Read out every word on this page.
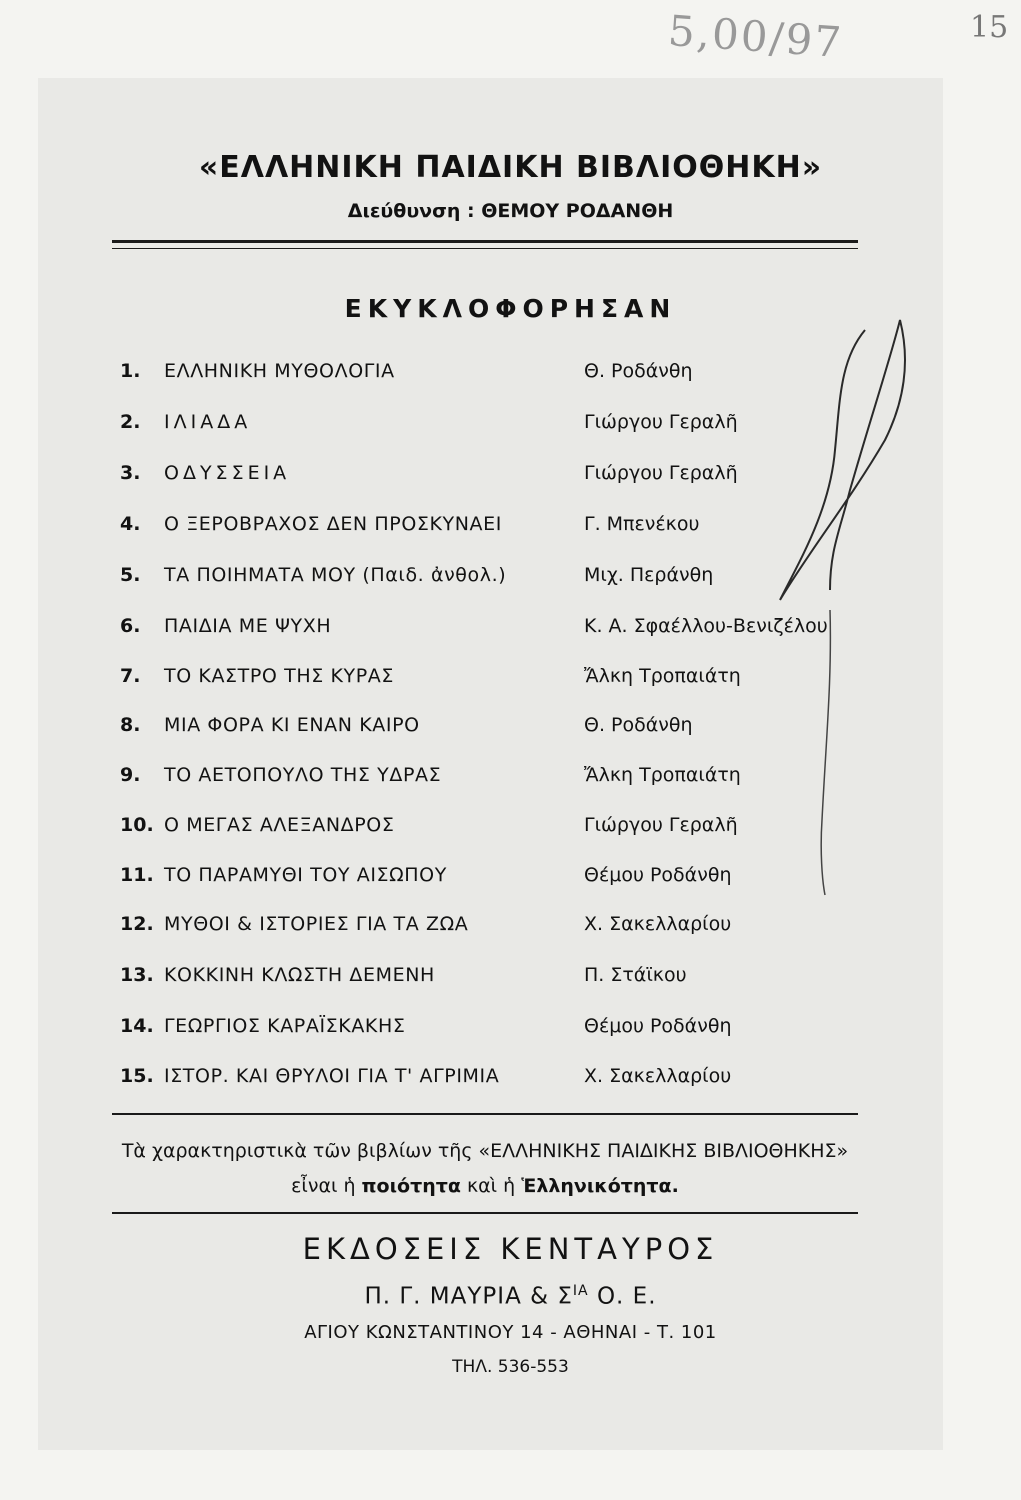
5,00/97	15
«ΕΛΛΗΝΙΚΗ ΠΑΙΔΙΚΗ ΒΙΒΛΙΟΘΗΚΗ»
Διεύθυνση : ΘΕΜΟΥ ΡΟΔΑΝΘΗ
ΕΚΥΚΛΟΦΟΡΗΣΑΝ
1.	ΕΛΛΗΝΙΚΗ ΜΥΘΟΛΟΓΙΑ	Θ. Ροδάνθη
2.	ΙΛΙΑΔΑ	Γιώργου Γεραλῆ
3.	ΟΔΥΣΣΕΙΑ	Γιώργου Γεραλῆ
4.	Ο ΞΕΡΟΒΡΑΧΟΣ ΔΕΝ ΠΡΟΣΚΥΝΑΕΙ	Γ. Μπενέκου
5.	ΤΑ ΠΟΙΗΜΑΤΑ ΜΟΥ (Παιδ. ἀνθολ.)	Μιχ. Περάνθη
6.	ΠΑΙΔΙΑ ΜΕ ΨΥΧΗ	Κ. Α. Σφαέλλου-Βενιζέλου
7.	ΤΟ ΚΑΣΤΡΟ ΤΗΣ ΚΥΡΑΣ	Ἄλκη Τροπαιάτη
8.	ΜΙΑ ΦΟΡΑ ΚΙ ΕΝΑΝ ΚΑΙΡΟ	Θ. Ροδάνθη
9.	ΤΟ ΑΕΤΟΠΟΥΛΟ ΤΗΣ ΥΔΡΑΣ	Ἄλκη Τροπαιάτη
10. Ο ΜΕΓΑΣ ΑΛΕΞΑΝΔΡΟΣ	Γιώργου Γεραλῆ
11. ΤΟ ΠΑΡΑΜΥΘΙ ΤΟΥ ΑΙΣΩΠΟΥ	Θέμου Ροδάνθη
12. ΜΥΘΟΙ & ΙΣΤΟΡΙΕΣ ΓΙΑ ΤΑ ΖΩΑ	Χ. Σακελλαρίου
13. ΚΟΚΚΙΝΗ ΚΛΩΣΤΗ ΔΕΜΕΝΗ	Π. Στάϊκου
14. ΓΕΩΡΓΙΟΣ ΚΑΡΑΪΣΚΑΚΗΣ	Θέμου Ροδάνθη
15. ΙΣΤΟΡ. ΚΑΙ ΘΡΥΛΟΙ ΓΙΑ Τ' ΑΓΡΙΜΙΑ	Χ. Σακελλαρίου
Τὰ χαρακτηριστικὰ τῶν βιβλίων τῆς «ΕΛΛΗΝΙΚΗΣ ΠΑΙΔΙΚΗΣ ΒΙΒΛΙΟΘΗΚΗΣ» εἶναι ἡ ποιότητα καὶ ἡ Ἑλληνικότητα.
ΕΚΔΟΣΕΙΣ ΚΕΝΤΑΥΡΟΣ
Π. Γ. ΜΑΥΡΙΑ & $\Sigma^{IA}$ Ο. Ε.
ΑΓΙΟΥ ΚΩΝΣΤΑΝΤΙΝΟΥ 14 - ΑΘΗΝΑΙ - Τ. 101
ΤΗΛ. 536-553
